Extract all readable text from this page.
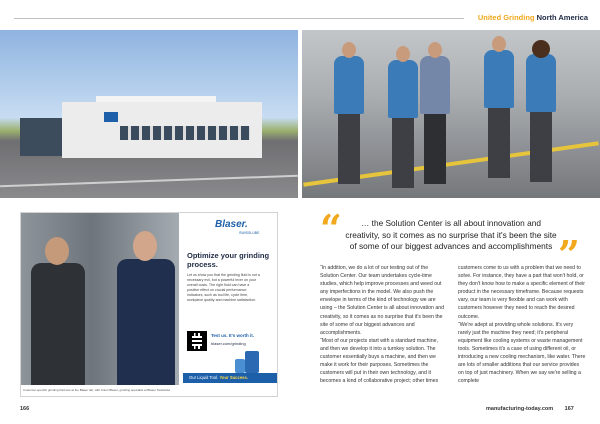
United Grinding North America
Customer-specific grinding fluid test at the Blaser lab, with Anton Blaser, grinding specialist at Blaser Swisslube
Blaser.
SWISSLUBE
Optimize your grinding process.
Let us show you that the grinding fluid is not a necessary evil, but a powerful lever on your overall costs. The right fluid can have a positive effect on crucial performance indicators, such as tool life, cycle time, workpiece quality and machine satisfaction.
Test us. It's worth it.
blaser.com/grinding
Our Liquid Tool. Your Success.
“	… the Solution Center is all about innovation and creativity, so it comes as no surprise that it's been the site of some of our biggest advances and accomplishments ”

“In addition, we do a lot of our testing out of the Solution Center. Our team undertakes cycle-time studies, which help improve processes and weed out any imperfections in the model. We also push the envelope in terms of the kind of technology we are using – the Solution Center is all about innovation and creativity, so it comes as no surprise that it's been the site of some of our biggest advances and accomplishments.

“Most of our projects start with a standard machine, and then we develop it into a turnkey solution. The customer essentially buys a machine, and then we make it work for their purposes. Sometimes the customers will put in their own technology, and it becomes a kind of collaborative project; other times

customers come to us with a problem that we need to solve. For instance, they have a part that won't hold, or they don't know how to make a specific element of their product in the necessary timeframe. Because requests vary, our team is very flexible and can work with customers however they need to reach the desired outcome.

“We're adept at providing whole solutions. It's very rarely just the machine they need; it's peripheral equipment like cooling systems or waste management tools. Sometimes it's a case of using different oil, or introducing a new cooling mechanism, like water. There are lots of smaller additions that our service provides on top of just machinery. When we say we're selling a complete

166	manufacturing-today.com 167
